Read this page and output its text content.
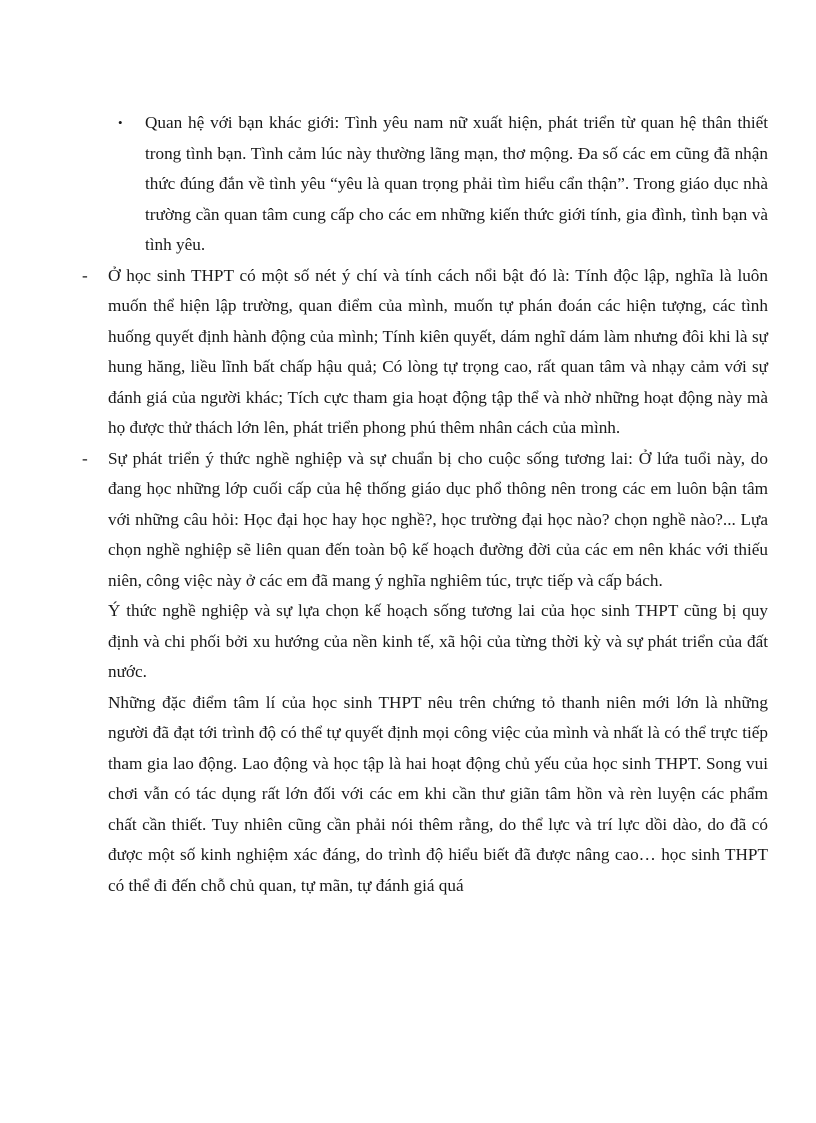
• Quan hệ với bạn khác giới: Tình yêu nam nữ xuất hiện, phát triển từ quan hệ thân thiết trong tình bạn. Tình cảm lúc này thường lãng mạn, thơ mộng. Đa số các em cũng đã nhận thức đúng đắn về tình yêu “yêu là quan trọng phải tìm hiểu cẩn thận”. Trong giáo dục nhà trường cần quan tâm cung cấp cho các em những kiến thức giới tính, gia đình, tình bạn và tình yêu.

- Ở học sinh THPT có một số nét ý chí và tính cách nổi bật đó là: Tính độc lập, nghĩa là luôn muốn thể hiện lập trường, quan điểm của mình, muốn tự phán đoán các hiện tượng, các tình huống quyết định hành động của mình; Tính kiên quyết, dám nghĩ dám làm nhưng đôi khi là sự hung hăng, liều lĩnh bất chấp hậu quả; Có lòng tự trọng cao, rất quan tâm và nhạy cảm với sự đánh giá của người khác; Tích cực tham gia hoạt động tập thể và nhờ những hoạt động này mà họ được thử thách lớn lên, phát triển phong phú thêm nhân cách của mình.

- Sự phát triển ý thức nghề nghiệp và sự chuẩn bị cho cuộc sống tương lai: Ở lứa tuổi này, do đang học những lớp cuối cấp của hệ thống giáo dục phổ thông nên trong các em luôn bận tâm với những câu hỏi: Học đại học hay học nghề?, học trường đại học nào? chọn nghề nào?... Lựa chọn nghề nghiệp sẽ liên quan đến toàn bộ kế hoạch đường đời của các em nên khác với thiếu niên, công việc này ở các em đã mang ý nghĩa nghiêm túc, trực tiếp và cấp bách.

Ý thức nghề nghiệp và sự lựa chọn kế hoạch sống tương lai của học sinh THPT cũng bị quy định và chi phối bởi xu hướng của nền kinh tế, xã hội của từng thời kỳ và sự phát triển của đất nước.

Những đặc điểm tâm lí của học sinh THPT nêu trên chứng tỏ thanh niên mới lớn là những người đã đạt tới trình độ có thể tự quyết định mọi công việc của mình và nhất là có thể trực tiếp tham gia lao động. Lao động và học tập là hai hoạt động chủ yếu của học sinh THPT. Song vui chơi vẫn có tác dụng rất lớn đối với các em khi cần thư giãn tâm hồn và rèn luyện các phẩm chất cần thiết. Tuy nhiên cũng cần phải nói thêm rằng, do thể lực và trí lực dồi dào, do đã có được một số kinh nghiệm xác đáng, do trình độ hiểu biết đã được nâng cao… học sinh THPT có thể đi đến chỗ chủ quan, tự mãn, tự đánh giá quá
